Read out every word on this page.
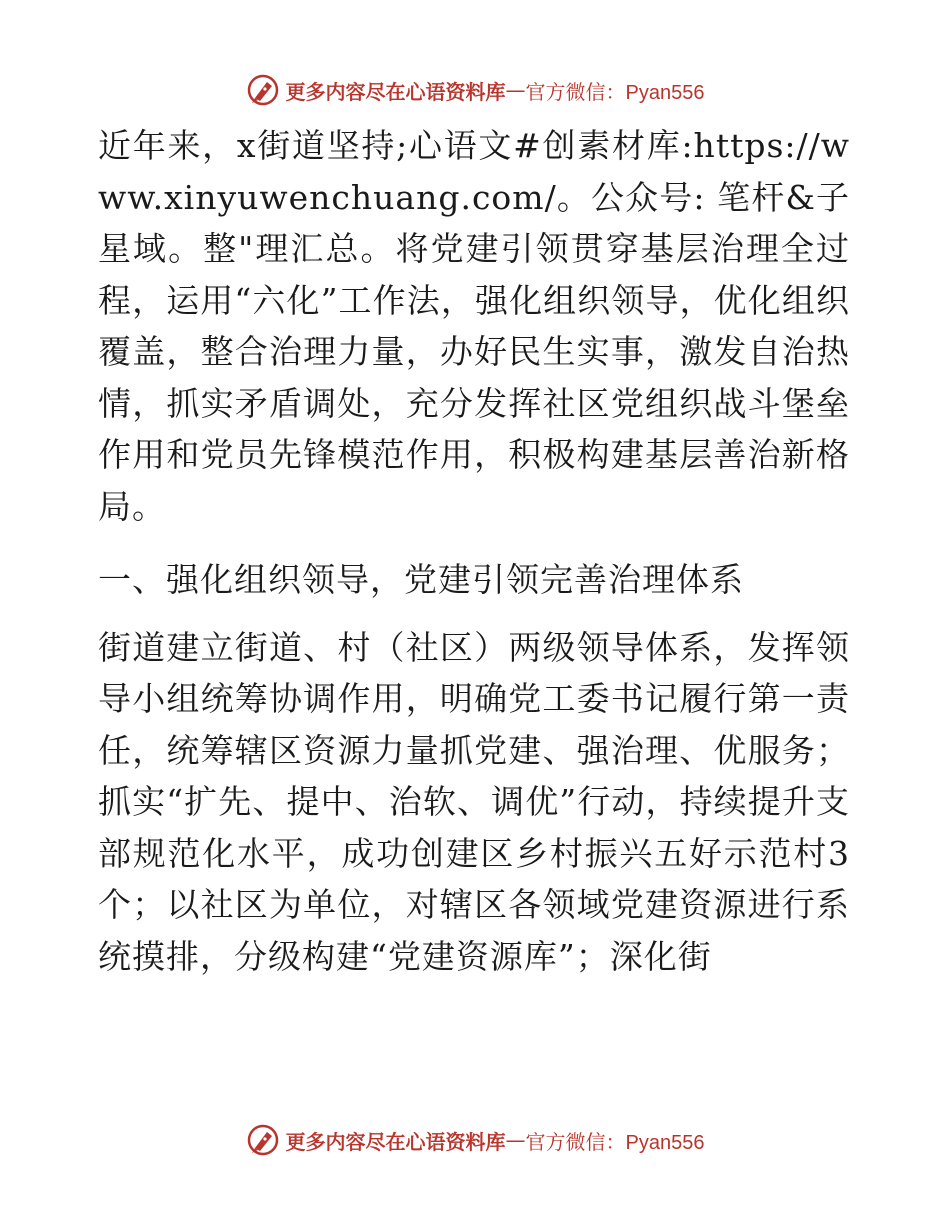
更多内容尽在心语资料库 — 官方微信：Pyan556

近年来，x街道坚持;心语文#创素材库:https://www.xinyuwenchuang.com/。公众号: 笔杆&子星域。整"理汇总。将党建引领贯穿基层治理全过程，运用“六化”工作法，强化组织领导，优化组织覆盖，整合治理力量，办好民生实事，激发自治热情，抓实矛盾调处，充分发挥社区党组织战斗堡垒作用和党员先锋模范作用，积极构建基层善治新格局。

一、强化组织领导，党建引领完善治理体系

街道建立街道、村（社区）两级领导体系，发挥领导小组统筹协调作用，明确党工委书记履行第一责任，统筹辖区资源力量抓党建、强治理、优服务；抓实“扩先、提中、治软、调优”行动，持续提升支部规范化水平，成功创建区乡村振兴五好示范村3个；以社区为单位，对辖区各领域党建资源进行系统摸排，分级构建“党建资源库”；深化街

更多内容尽在心语资料库 — 官方微信：Pyan556
